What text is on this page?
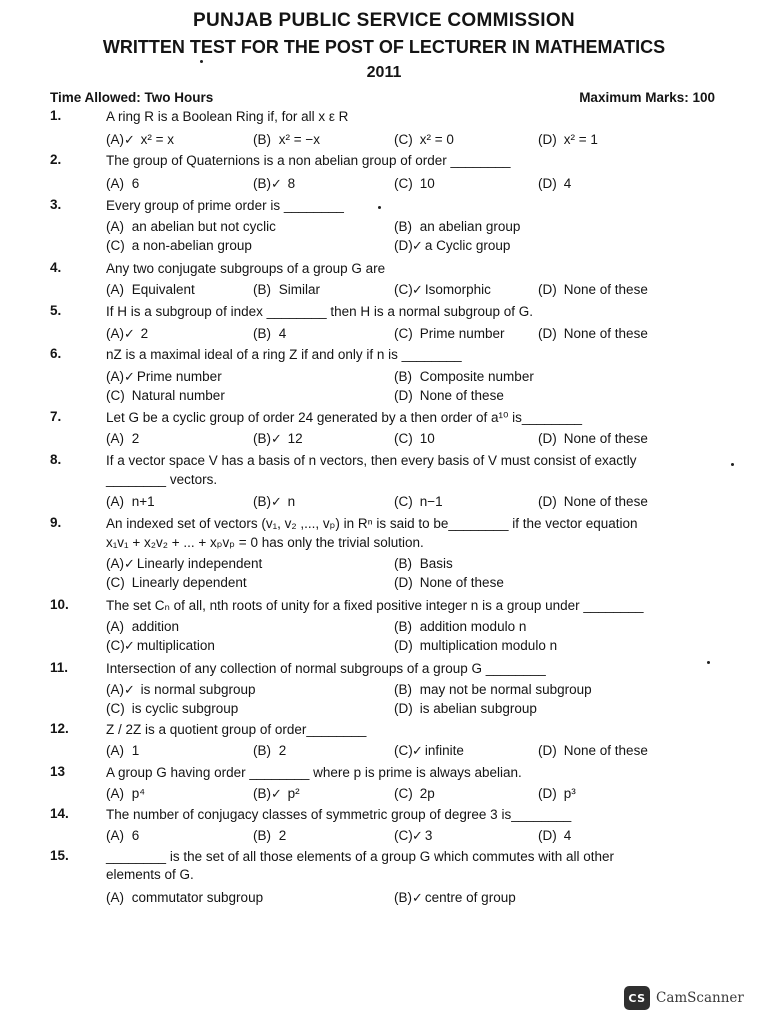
PUNJAB PUBLIC SERVICE COMMISSION
WRITTEN TEST FOR THE POST OF LECTURER IN MATHEMATICS
2011
Time Allowed: Two Hours	Maximum Marks: 100
1.	A ring R is a Boolean Ring if, for all x ε R
(A)✓ x² = x	(B) x² = −x	(C) x² = 0	(D) x² = 1
2.	The group of Quaternions is a non abelian group of order ________
(A) 6	(B)✓ 8	(C) 10	(D) 4
3.	Every group of prime order is ________
(A) an abelian but not cyclic	(B) an abelian group
(C) a non-abelian group	(D)✓ a Cyclic group
4.	Any two conjugate subgroups of a group G are
(A) Equivalent	(B) Similar	(C)✓ Isomorphic	(D) None of these
5.	If H is a subgroup of index ________ then H is a normal subgroup of G.
(A)✓ 2	(B) 4	(C) Prime number (D) None of these
6.	nZ is a maximal ideal of a ring Z if and only if n is ________
(A)✓ Prime number	(B) Composite number
(C) Natural number	(D) None of these
7.	Let G be a cyclic group of order 24 generated by a then order of a¹⁰ is________
(A) 2	(B)✓ 12	(C) 10	(D) None of these
8.	If a vector space V has a basis of n vectors, then every basis of V must consist of exactly
________ vectors.
(A) n+1	(B)✓ n	(C) n−1	(D) None of these
9.	An indexed set of vectors (v₁, v₂ ,..., vₚ) in Rⁿ is said to be________ if the vector equation
x₁v₁ + x₂v₂ + ... + xₚvₚ = 0 has only the trivial solution.
(A)✓ Linearly independent	(B) Basis
(C) Linearly dependent	(D) None of these
10.	The set Cₙ of all, nth roots of unity for a fixed positive integer n is a group under ________
(A) addition	(B) addition modulo n
(C)✓ multiplication	(D) multiplication modulo n
11.	Intersection of any collection of normal subgroups of a group G ________
(A)✓ is normal subgroup	(B) may not be normal subgroup
(C) is cyclic subgroup	(D) is abelian subgroup
12.	Z / 2Z is a quotient group of order________
(A) 1	(B) 2	(C)✓ infinite	(D) None of these
13	A group G having order ________ where p is prime is always abelian.
(A) p⁴	(B)✓ p²	(C) 2p	(D) p³
14.	The number of conjugacy classes of symmetric group of degree 3 is________
(A) 6	(B) 2	(C)✓ 3	(D) 4
15.	________ is the set of all those elements of a group G which commutes with all other
elements of G.
(A) commutator subgroup	(B)✓ centre of group
CS CamScanner
